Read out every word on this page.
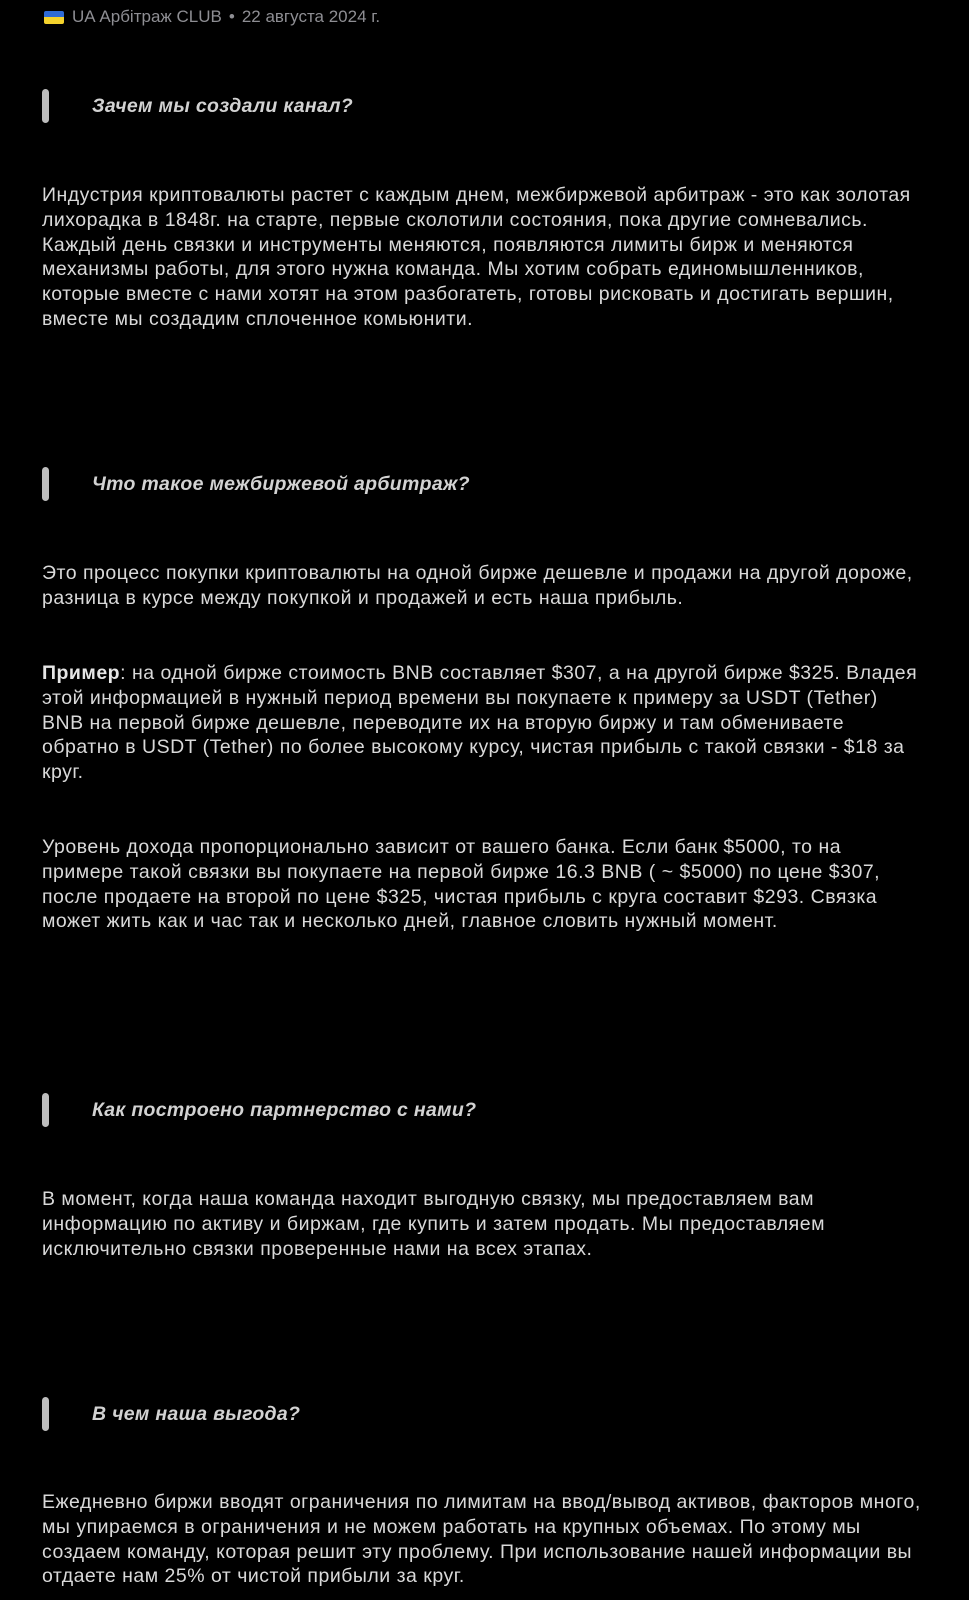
UA Арбітраж CLUB • 22 августа 2024 г.
Зачем мы создали канал?

Индустрия криптовалюты растет с каждым днем, межбиржевой арбитраж - это как золотая лихорадка в 1848г. на старте, первые сколотили состояния, пока другие сомневались. Каждый день связки и инструменты меняются, появляются лимиты бирж и меняются механизмы работы, для этого нужна команда. Мы хотим собрать единомышленников, которые вместе с нами хотят на этом разбогатеть, готовы рисковать и достигать вершин, вместе мы создадим сплоченное комьюнити.

Что такое межбиржевой арбитраж?

Это процесс покупки криптовалюты на одной бирже дешевле и продажи на другой дороже, разница в курсе между покупкой и продажей и есть наша прибыль.

Пример: на одной бирже стоимость BNB составляет $307, а на другой бирже $325. Владея этой информацией в нужный период времени вы покупаете к примеру за USDT (Tether) BNB на первой бирже дешевле, переводите их на вторую биржу и там обмениваете обратно в USDT (Tether) по более высокому курсу, чистая прибыль с такой связки - $18 за круг.

Уровень дохода пропорционально зависит от вашего банка. Если банк $5000, то на примере такой связки вы покупаете на первой бирже 16.3 BNB ( ~ $5000) по цене $307, после продаете на второй по цене $325, чистая прибыль с круга составит $293. Связка может жить как и час так и несколько дней, главное словить нужный момент.

Как построено партнерство с нами?

В момент, когда наша команда находит выгодную связку, мы предоставляем вам информацию по активу и биржам, где купить и затем продать. Мы предоставляем исключительно связки проверенные нами на всех этапах.

В чем наша выгода?

Ежедневно биржи вводят ограничения по лимитам на ввод/вывод активов, факторов много, мы упираемся в ограничения и не можем работать на крупных объемах. По этому мы создаем команду, которая решит эту проблему. При использование нашей информации вы отдаете нам 25% от чистой прибыли за круг.
